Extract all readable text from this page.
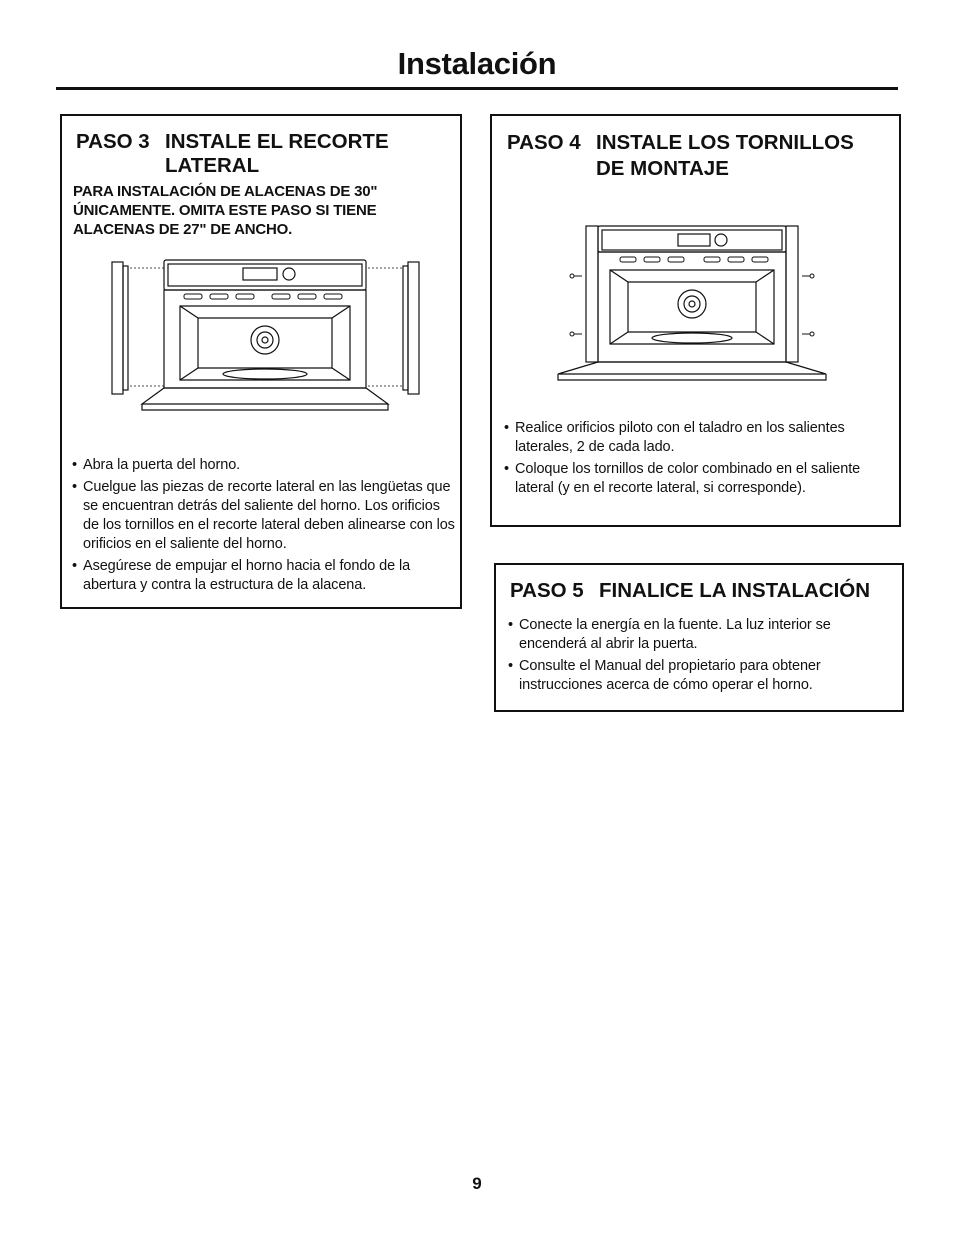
Instalación
PASO 3 INSTALE EL RECORTE
LATERAL
PARA INSTALACIÓN DE ALACENAS DE 30" ÚNICAMENTE. OMITA ESTE PASO SI TIENE ALACENAS DE 27" DE ANCHO.
• Abra la puerta del horno.
• Cuelgue las piezas de recorte lateral en las lengüetas que se encuentran detrás del saliente del horno. Los orificios de los tornillos en el recorte lateral deben alinearse con los orificios en el saliente del horno.
• Asegúrese de empujar el horno hacia el fondo de la abertura y contra la estructura de la alacena.
PASO 4 INSTALE LOS TORNILLOS
DE MONTAJE
• Realice orificios piloto con el taladro en los salientes laterales, 2 de cada lado.
• Coloque los tornillos de color combinado en el saliente lateral (y en el recorte lateral, si corresponde).
PASO 5 FINALICE LA INSTALACIÓN
• Conecte la energía en la fuente. La luz interior se encenderá al abrir la puerta.
• Consulte el Manual del propietario para obtener instrucciones acerca de cómo operar el horno.
9
